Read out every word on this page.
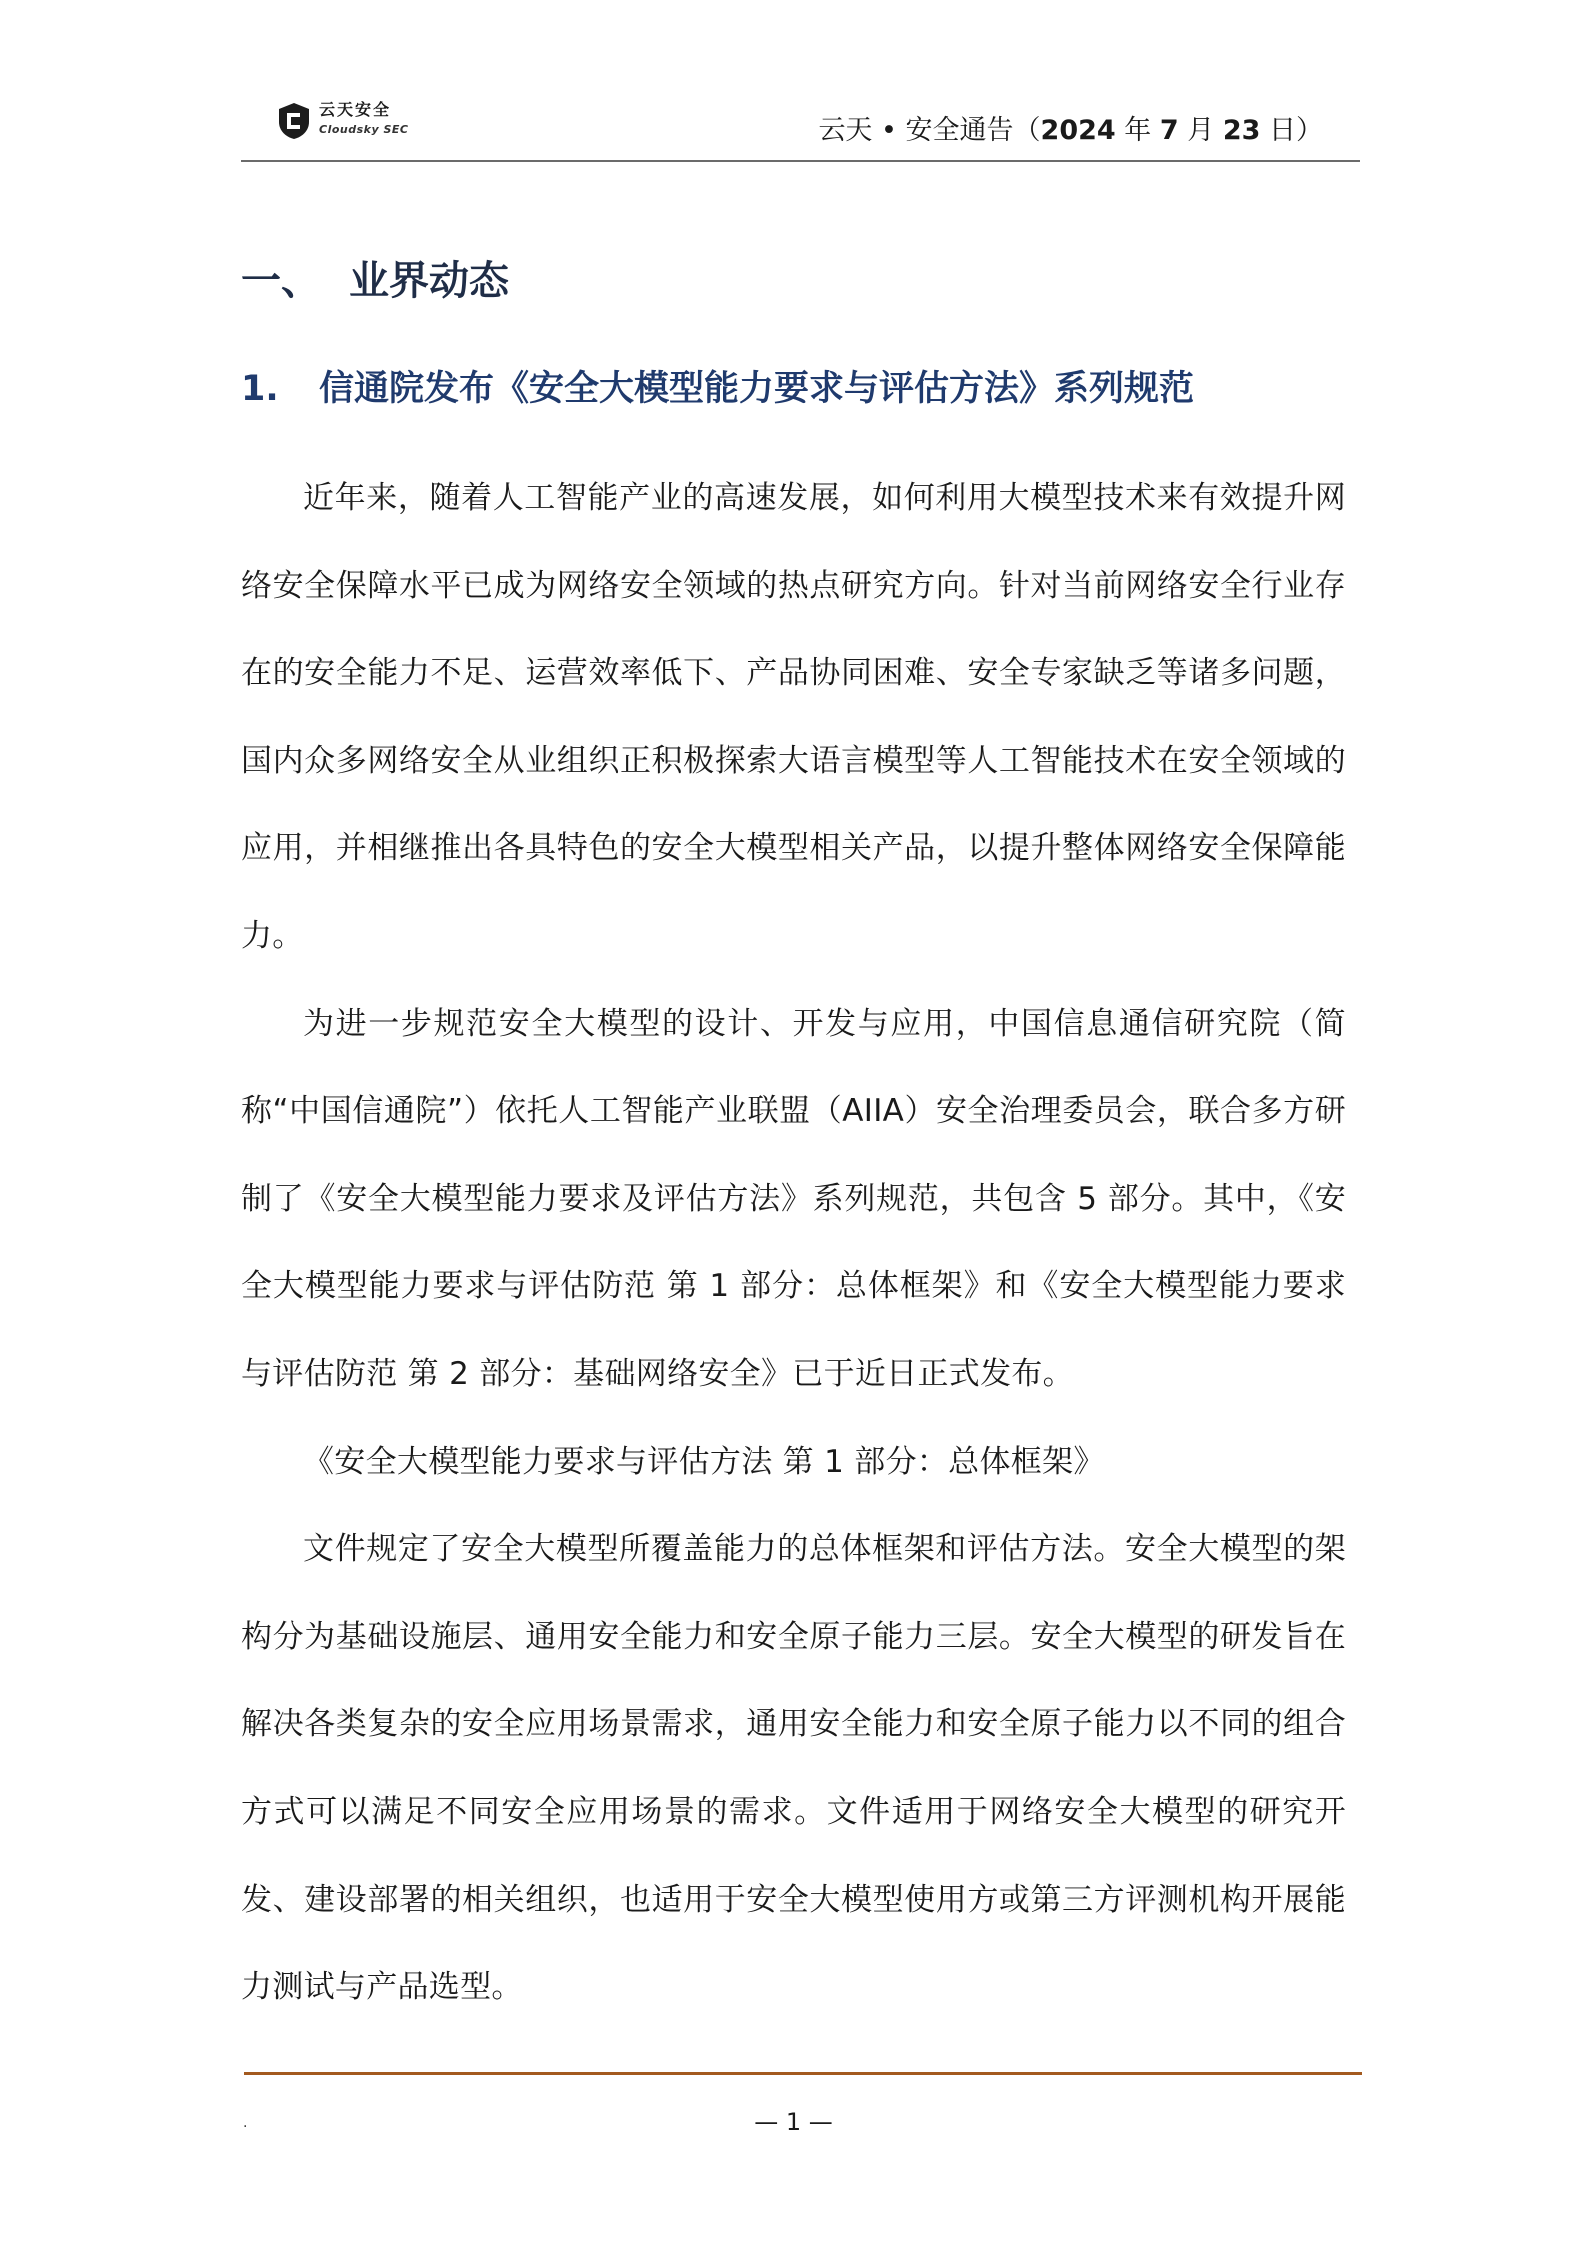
云天安全
Cloudsky SEC	云天 • 安全通告（2024 年 7 月 23 日）
一、 业界动态
1. 信通院发布《安全大模型能力要求与评估方法》系列规范

近年来，随着人工智能产业的高速发展，如何利用大模型技术来有效提升网络安全保障水平已成为网络安全领域的热点研究方向。针对当前网络安全行业存在的安全能力不足、运营效率低下、产品协同困难、安全专家缺乏等诸多问题，国内众多网络安全从业组织正积极探索大语言模型等人工智能技术在安全领域的应用，并相继推出各具特色的安全大模型相关产品，以提升整体网络安全保障能力。

为进一步规范安全大模型的设计、开发与应用，中国信息通信研究院（简称“中国信通院”）依托人工智能产业联盟（AIIA）安全治理委员会，联合多方研制了《安全大模型能力要求及评估方法》系列规范，共包含 5 部分。其中，《安全大模型能力要求与评估防范 第 1 部分：总体框架》和《安全大模型能力要求与评估防范 第 2 部分：基础网络安全》已于近日正式发布。

《安全大模型能力要求与评估方法 第 1 部分：总体框架》

文件规定了安全大模型所覆盖能力的总体框架和评估方法。安全大模型的架构分为基础设施层、通用安全能力和安全原子能力三层。安全大模型的研发旨在解决各类复杂的安全应用场景需求，通用安全能力和安全原子能力以不同的组合方式可以满足不同安全应用场景的需求。文件适用于网络安全大模型的研究开发、建设部署的相关组织，也适用于安全大模型使用方或第三方评测机构开展能力测试与产品选型。

.	— 1 —
